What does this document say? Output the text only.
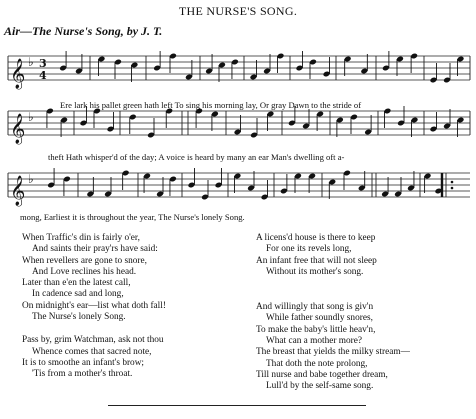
THE NURSE'S SONG.
Air—The Nurse's Song, by J. T.
𝄞 ♭ 3
4
𝄞 ♭
𝄞 ♭
Ere lark his pallet green hath left To sing his morning lay, Or gray Dawn to the stride of
theft Hath whisper'd of the day; A voice is heard by many an ear Man's dwelling oft a-
mong, Earliest it is throughout the year, The Nurse's lonely Song.
When Traffic's din is fairly o'er,
And saints their pray'rs have said:
When revellers are gone to snore,
And Love reclines his head.
Later than e'en the latest call,
In cadence sad and long,
On midnight's ear—list what doth fall!
The Nurse's lonely Song.
Pass by, grim Watchman, ask not thou
Whence comes that sacred note,
It is to smoothe an infant's brow;
'Tis from a mother's throat.
A licens'd house is there to keep
For one its revels long,
An infant free that will not sleep
Without its mother's song.
And willingly that song is giv'n
While father soundly snores,
To make the baby's little heav'n,
What can a mother more?
The breast that yields the milky stream—
That doth the note prolong,
Till nurse and babe together dream,
Lull'd by the self-same song.
